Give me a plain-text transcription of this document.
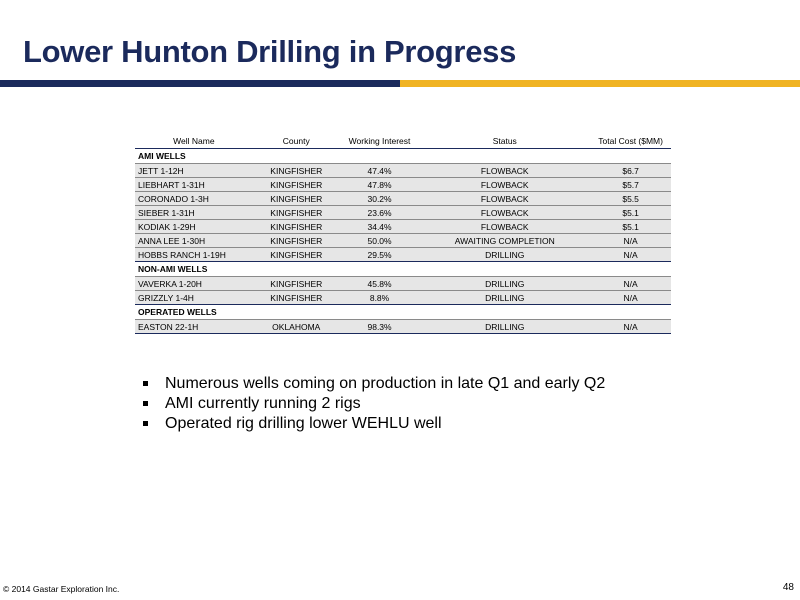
Lower Hunton Drilling in Progress
Well Name	County	Working Interest	Status	Total Cost ($MM)
AMI WELLS				
JETT 1-12H	KINGFISHER	47.4%	FLOWBACK	$6.7
LIEBHART 1-31H	KINGFISHER	47.8%	FLOWBACK	$5.7
CORONADO 1-3H	KINGFISHER	30.2%	FLOWBACK	$5.5
SIEBER 1-31H	KINGFISHER	23.6%	FLOWBACK	$5.1
KODIAK 1-29H	KINGFISHER	34.4%	FLOWBACK	$5.1
ANNA LEE 1-30H	KINGFISHER	50.0%	AWAITING COMPLETION	N/A
HOBBS RANCH 1-19H	KINGFISHER	29.5%	DRILLING	N/A
NON-AMI WELLS				
VAVERKA 1-20H	KINGFISHER	45.8%	DRILLING	N/A
GRIZZLY 1-4H	KINGFISHER	8.8%	DRILLING	N/A
OPERATED WELLS				
EASTON 22-1H	OKLAHOMA	98.3%	DRILLING	N/A
Numerous wells coming on production in late Q1 and early Q2
AMI currently running 2 rigs
Operated rig drilling lower WEHLU well
© 2014 Gastar Exploration Inc.	48
